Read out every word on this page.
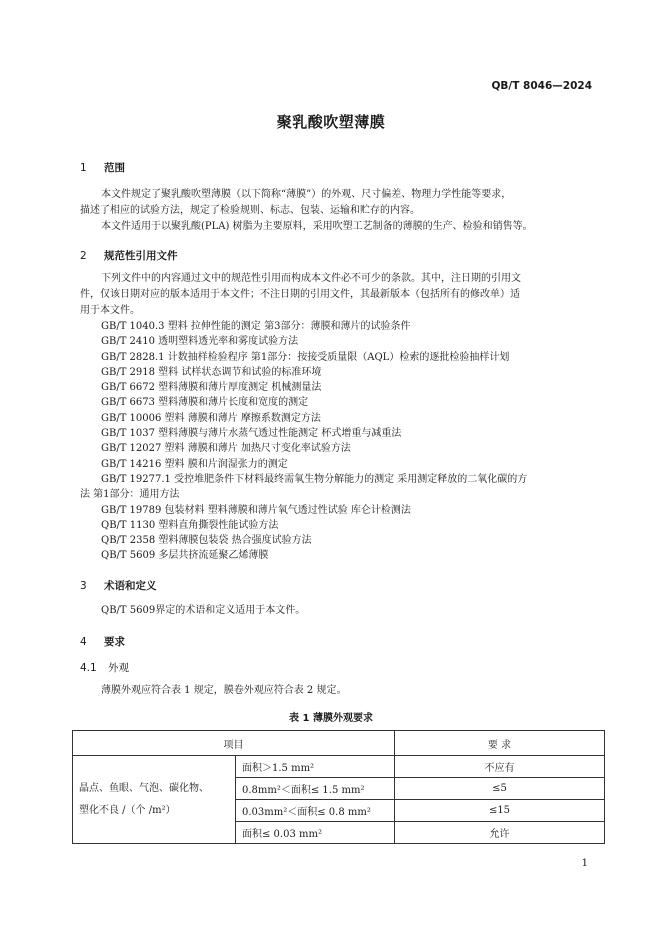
QB/T 8046—2024
聚乳酸吹塑薄膜
1 范围
本文件规定了聚乳酸吹塑薄膜（以下简称“薄膜”）的外观、尺寸偏差、物理力学性能等要求，
描述了相应的试验方法，规定了检验规则、标志、包装、运输和贮存的内容。
本文件适用于以聚乳酸(PLA) 树脂为主要原料，采用吹塑工艺制备的薄膜的生产、检验和销售等。
2 规范性引用文件
下列文件中的内容通过文中的规范性引用而构成本文件必不可少的条款。其中，注日期的引用文
件，仅该日期对应的版本适用于本文件；不注日期的引用文件，其最新版本（包括所有的修改单）适
用于本文件。
GB/T 1040.3 塑料 拉伸性能的测定 第3部分：薄膜和薄片的试验条件
GB/T 2410 透明塑料透光率和雾度试验方法
GB/T 2828.1 计数抽样检验程序 第1部分：按接受质量限（AQL）检索的逐批检验抽样计划
GB/T 2918 塑料 试样状态调节和试验的标准环境
GB/T 6672 塑料薄膜和薄片厚度测定 机械测量法
GB/T 6673 塑料薄膜和薄片长度和宽度的测定
GB/T 10006 塑料 薄膜和薄片 摩擦系数测定方法
GB/T 1037 塑料薄膜与薄片水蒸气透过性能测定 杯式增重与减重法
GB/T 12027 塑料 薄膜和薄片 加热尺寸变化率试验方法
GB/T 14216 塑料 膜和片润湿张力的测定
GB/T 19277.1 受控堆肥条件下材料最终需氧生物分解能力的测定 采用测定释放的二氧化碳的方
法 第1部分：通用方法
GB/T 19789 包装材料 塑料薄膜和薄片氧气透过性试验 库仑计检测法
QB/T 1130 塑料直角撕裂性能试验方法
QB/T 2358 塑料薄膜包装袋 热合强度试验方法
QB/T 5609 多层共挤流延聚乙烯薄膜
3 术语和定义
QB/T 5609界定的术语和定义适用于本文件。
4 要求
4.1 外观
薄膜外观应符合表 1 规定，膜卷外观应符合表 2 规定。
表 1 薄膜外观要求
项目		要 求
晶点、鱼眼、气泡、碳化物、
塑化不良 /（个 /m²）	面积＞1.5 mm²	不应有
	0.8mm²＜面积≤ 1.5 mm²	≤5
	0.03mm²＜面积≤ 0.8 mm²	≤15
	面积≤ 0.03 mm²	允许
1
